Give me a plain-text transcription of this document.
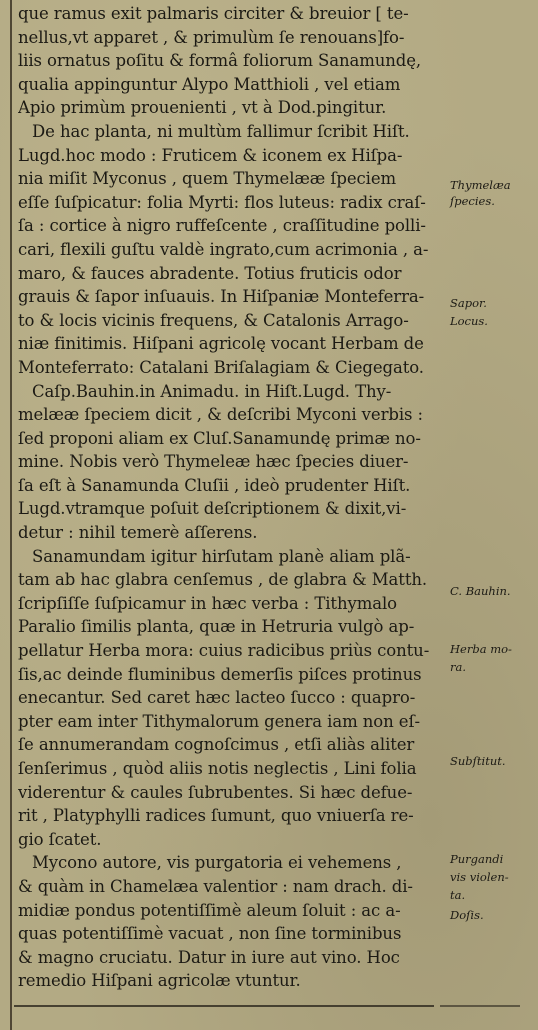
que ramus exit palmaris circiter & breuior [ te-
nellus,vt apparet , & primulùm ſe renouans]fo-
liis ornatus poſitu & formâ foliorum Sanamundę,
qualia appinguntur Alypo Matthioli , vel etiam
Apio primùm prouenienti , vt à Dod.pingitur.
De hac planta, ni multùm fallimur ſcribit Hiſt.
Lugd.hoc modo : Fruticem & iconem ex Hiſpa-
nia miſit Myconus , quem Thymelææ ſpeciem
eſſe ſuſpicatur: folia Myrti: flos luteus: radix craſ-
ſa : cortice à nigro ruffeſcente , craſſitudine polli-
cari, flexili guſtu valdè ingrato,cum acrimonia , a-
maro, & fauces abradente. Totius fruticis odor
grauis & ſapor inſuauis. In Hiſpaniæ Monteferra-
to & locis vicinis frequens, & Catalonis Arrago-
niæ finitimis. Hiſpani agricolę vocant Herbam de
Monteferrato: Catalani Briſalagiam & Ciegegato.
Caſp.Bauhin.in Animadu. in Hiſt.Lugd. Thy-
melææ ſpeciem dicit , & deſcribi Myconi verbis :
ſed proponi aliam ex Cluſ.Sanamundę primæ no-
mine. Nobis verò Thymeleæ hæc ſpecies diuer-
ſa eſt à Sanamunda Cluſii , ideò prudenter Hiſt.
Lugd.vtramque poſuit deſcriptionem & dixit,vi-
detur : nihil temerè aſſerens.
Sanamundam igitur hirſutam planè aliam plã-
tam ab hac glabra cenſemus , de glabra & Matth.
ſcripſiſſe ſuſpicamur in hæc verba : Tithymalo
Paralio ſimilis planta, quæ in Hetruria vulgò ap-
pellatur Herba mora: cuius radicibus priùs contu-
ſis,ac deinde fluminibus demerſis piſces protinus
enecantur. Sed caret hæc lacteo ſucco : quapro-
pter eam inter Tithymalorum genera iam non eſ-
ſe annumerandam cognoſcimus , etſi aliàs aliter
ſenſerimus , quòd aliis notis neglectis , Lini folia
viderentur & caules ſubrubentes. Si hæc defue-
rit , Platyphylli radices ſumunt, quo vniuerſa re-
gio ſcatet.
Mycono autore, vis purgatoria ei vehemens ,
& quàm in Chamelæa valentior : nam drach. di-
midiæ pondus potentiſſimè aleum ſoluit : ac a-
quas potentiſſimè vacuat , non ſine torminibus
& magno cruciatu. Datur in iure aut vino. Hoc
remedio Hiſpani agricolæ vtuntur.
Thymelæa
ſpecies.
Sapor.
Locus.
C. Bauhin.
Herba mo-
ra.
Subſtitut.
Purgandi
vis violen-
ta.
Doſis.
